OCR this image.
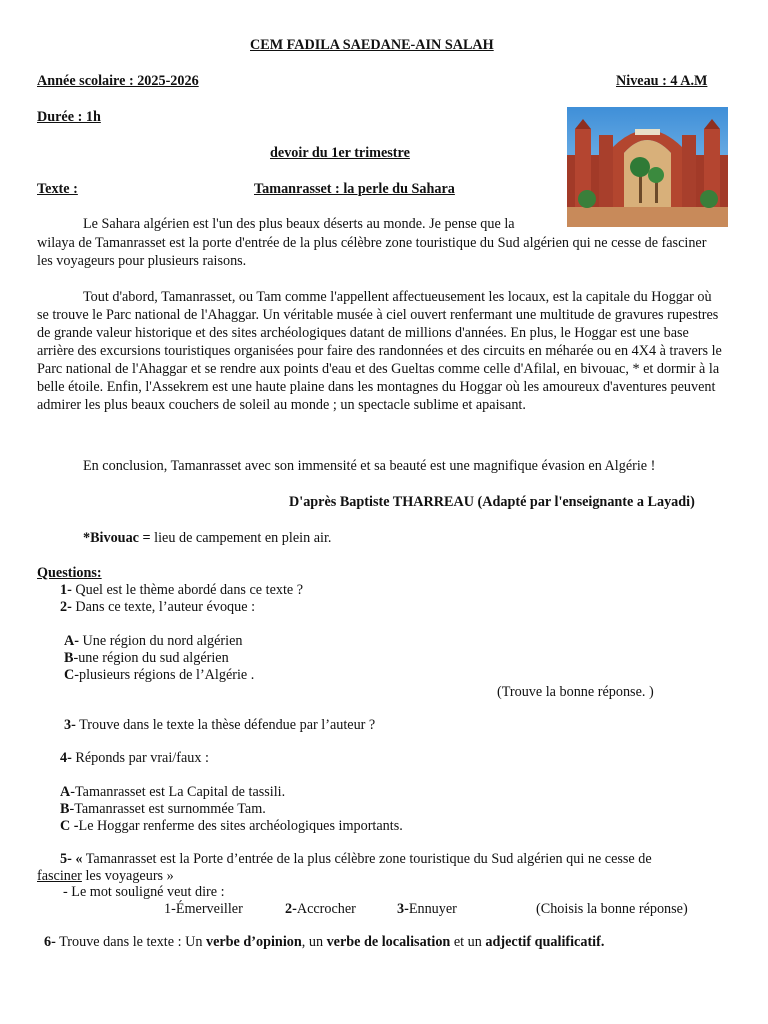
CEM FADILA SAEDANE-AIN SALAH
Année scolaire : 2025-2026	Niveau : 4 A.M
Durée : 1h
devoir du 1er trimestre
Texte :	Tamanrasset : la perle du Sahara
Le Sahara algérien est l'un des plus beaux déserts au monde. Je pense que la
wilaya de Tamanrasset est la porte d'entrée de la plus célèbre zone touristique du Sud algérien qui ne cesse de fasciner les voyageurs pour plusieurs raisons.
Tout d'abord, Tamanrasset, ou Tam comme l'appellent affectueusement les locaux, est la capitale du Hoggar où se trouve le Parc national de l'Ahaggar. Un véritable musée à ciel ouvert renfermant une multitude de gravures rupestres de grande valeur historique et des sites archéologiques datant de millions d'années. En plus, le Hoggar est une base arrière des excursions touristiques organisées pour faire des randonnées et des circuits en méharée ou en 4X4 à travers le Parc national de l'Ahaggar et se rendre aux points d'eau et des Gueltas comme celle d'Afilal, en bivouac, * et dormir à la belle étoile. Enfin, l'Assekrem est une haute plaine dans les montagnes du Hoggar où les amoureux d'aventures peuvent admirer les plus beaux couchers de soleil au monde ; un spectacle sublime et apaisant.
En conclusion, Tamanrasset avec son immensité et sa beauté est une magnifique évasion en Algérie !
D'après Baptiste THARREAU (Adapté par l'enseignante a Layadi)
*Bivouac = lieu de campement en plein air.
Questions:
1- Quel est le thème abordé dans ce texte ?
2- Dans ce texte, l’auteur évoque :
A- Une région du nord algérien
B-une région du sud algérien
C-plusieurs régions de l’Algérie .
(Trouve la bonne réponse. )
3- Trouve dans le texte la thèse défendue par l’auteur ?
4- Réponds par vrai/faux :
A-Tamanrasset est La Capital de tassili.
B-Tamanrasset est surnommée Tam.
C -Le Hoggar renferme des sites archéologiques importants.
5- « Tamanrasset est la Porte d’entrée de la plus célèbre zone touristique du Sud algérien qui ne cesse de
fasciner les voyageurs »
- Le mot souligné veut dire :
1-Émerveiller	2-Accrocher	3-Ennuyer	(Choisis la bonne réponse)
6- Trouve dans le texte : Un verbe d’opinion, un verbe de localisation et un adjectif qualificatif.
